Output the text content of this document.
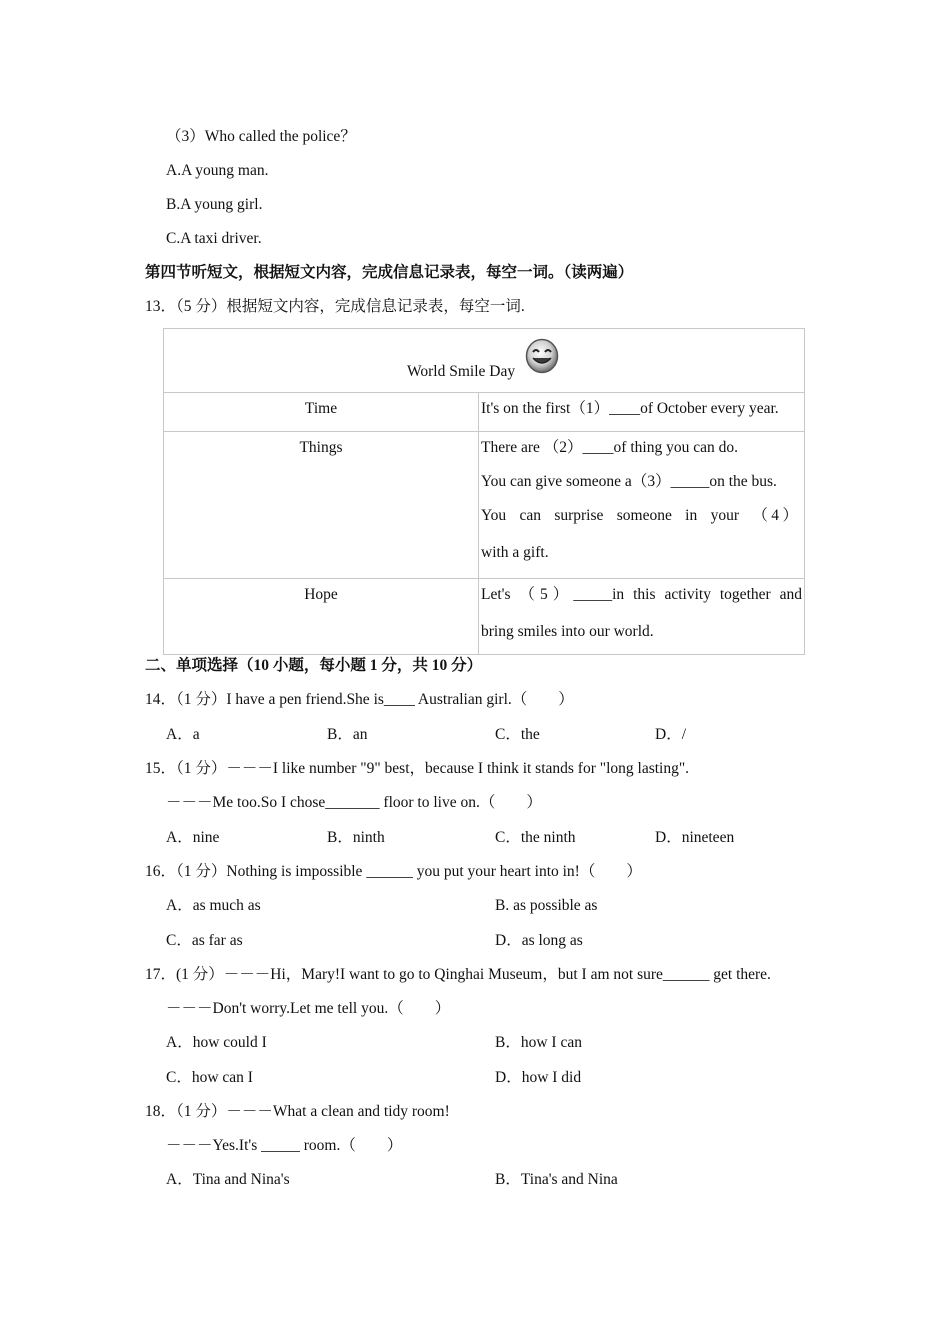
（3）Who called the police？
A.A young man.
B.A young girl.
C.A taxi driver.
第四节听短文，根据短文内容，完成信息记录表，每空一词。（读两遍）
13．（5 分）根据短文内容，完成信息记录表，每空一词.
World Smile Day	

Time	It's on the first（1）____of October every year.

Things	There are （2）____of thing you can do.
You can give someone a（3）_____on the bus.
You can surprise someone in your （4）
with a gift.

Hope	Let's （5）_____in this activity together and
bring smiles into our world.
二、单项选择（10 小题，每小题 1 分，共 10 分）
14．（1 分）I have a pen friend.She is____ Australian girl.（　　）
A．a	B．an	C．the	D．/
15．（1 分）－－－I like number "9" best，because I think it stands for "long lasting".
－－－Me too.So I chose_______ floor to live on.（　　）
A．nine	B．ninth	C．the ninth	D．nineteen
16．（1 分）Nothing is impossible ______ you put your heart into in!（　　）
A．as much as	B. as possible as
C．as far as	D．as long as
17．(1 分）－－－Hi，Mary!I want to go to Qinghai Museum，but I am not sure______ get there.
－－－Don't worry.Let me tell you.（　　）
A．how could I	B．how I can
C．how can I	D．how I did
18．（1 分）－－－What a clean and tidy room!
－－－Yes.It's _____ room.（　　）
A．Tina and Nina's	B．Tina's and Nina
